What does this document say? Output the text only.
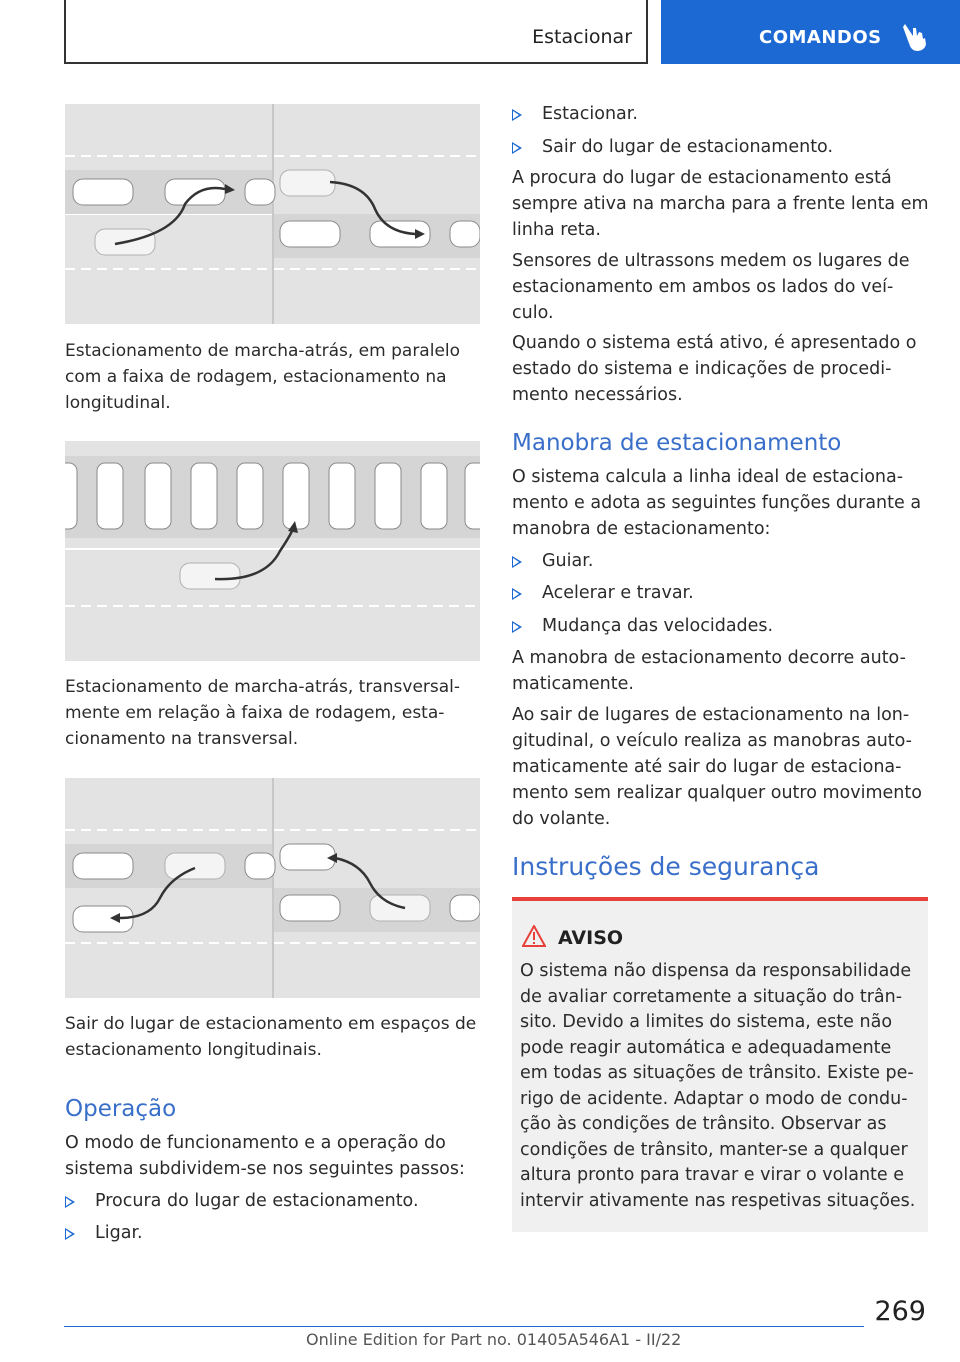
Estacionar	COMANDOS
Estacionamento de marcha-atrás, em paralelo com a faixa de rodagem, estacionamento na longitudinal.
Estacionamento de marcha-atrás, transversal-mente em relação à faixa de rodagem, esta-cionamento na transversal.
Sair do lugar de estacionamento em espaços de estacionamento longitudinais.
Operação
O modo de funcionamento e a operação do sistema subdividem-se nos seguintes passos:
Procura do lugar de estacionamento.
Ligar.
Estacionar.
Sair do lugar de estacionamento.
A procura do lugar de estacionamento está sempre ativa na marcha para a frente lenta em linha reta.
Sensores de ultrassons medem os lugares de estacionamento em ambos os lados do veí-culo.
Quando o sistema está ativo, é apresentado o estado do sistema e indicações de procedi-mento necessários.
Manobra de estacionamento
O sistema calcula a linha ideal de estaciona-mento e adota as seguintes funções durante a manobra de estacionamento:
Guiar.
Acelerar e travar.
Mudança das velocidades.
A manobra de estacionamento decorre auto-maticamente.
Ao sair de lugares de estacionamento na lon-gitudinal, o veículo realiza as manobras auto-maticamente até sair do lugar de estaciona-mento sem realizar qualquer outro movimento do volante.
Instruções de segurança
AVISO
O sistema não dispensa da responsabilidade de avaliar corretamente a situação do trân-sito. Devido a limites do sistema, este não pode reagir automática e adequadamente em todas as situações de trânsito. Existe pe-rigo de acidente. Adaptar o modo de condu-ção às condições de trânsito. Observar as condições de trânsito, manter-se a qualquer altura pronto para travar e virar o volante e intervir ativamente nas respetivas situações.
269
Online Edition for Part no. 01405A546A1 - II/22
